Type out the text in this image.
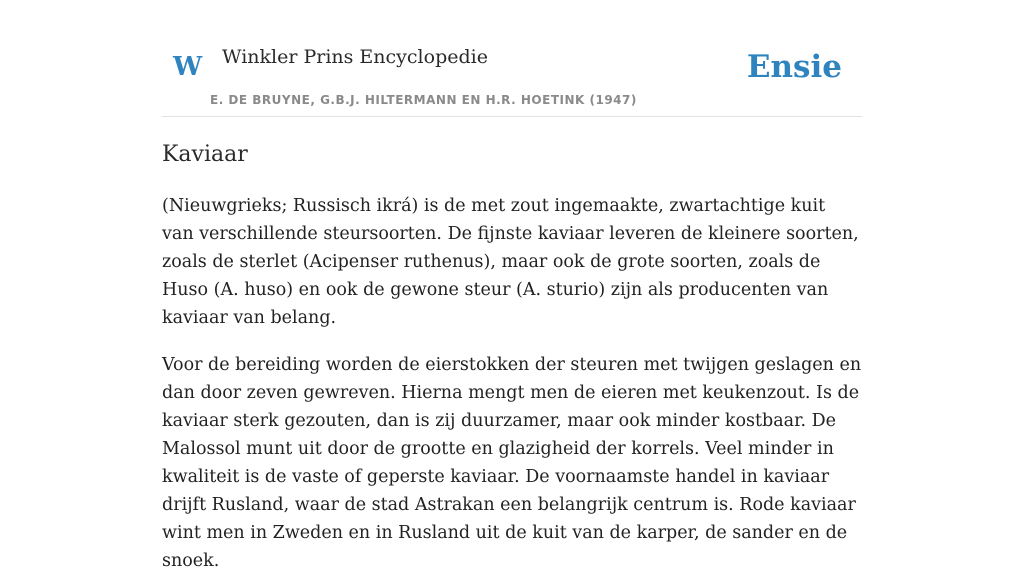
W Winkler Prins Encyclopedie
E. DE BRUYNE, G.B.J. HILTERMANN EN H.R. HOETINK (1947)
Ensie
Kaviaar

(Nieuwgrieks; Russisch ikrá) is de met zout ingemaakte, zwartachtige kuit van verschillende steursoorten. De fijnste kaviaar leveren de kleinere soorten, zoals de sterlet (Acipenser ruthenus), maar ook de grote soorten, zoals de Huso (A. huso) en ook de gewone steur (A. sturio) zijn als producenten van kaviaar van belang.

Voor de bereiding worden de eierstokken der steuren met twijgen geslagen en dan door zeven gewreven. Hierna mengt men de eieren met keukenzout. Is de kaviaar sterk gezouten, dan is zij duurzamer, maar ook minder kostbaar. De Malossol munt uit door de grootte en glazigheid der korrels. Veel minder in kwaliteit is de vaste of geperste kaviaar. De voornaamste handel in kaviaar drijft Rusland, waar de stad Astrakan een belangrijk centrum is. Rode kaviaar wint men in Zweden en in Rusland uit de kuit van de karper, de sander en de snoek.
